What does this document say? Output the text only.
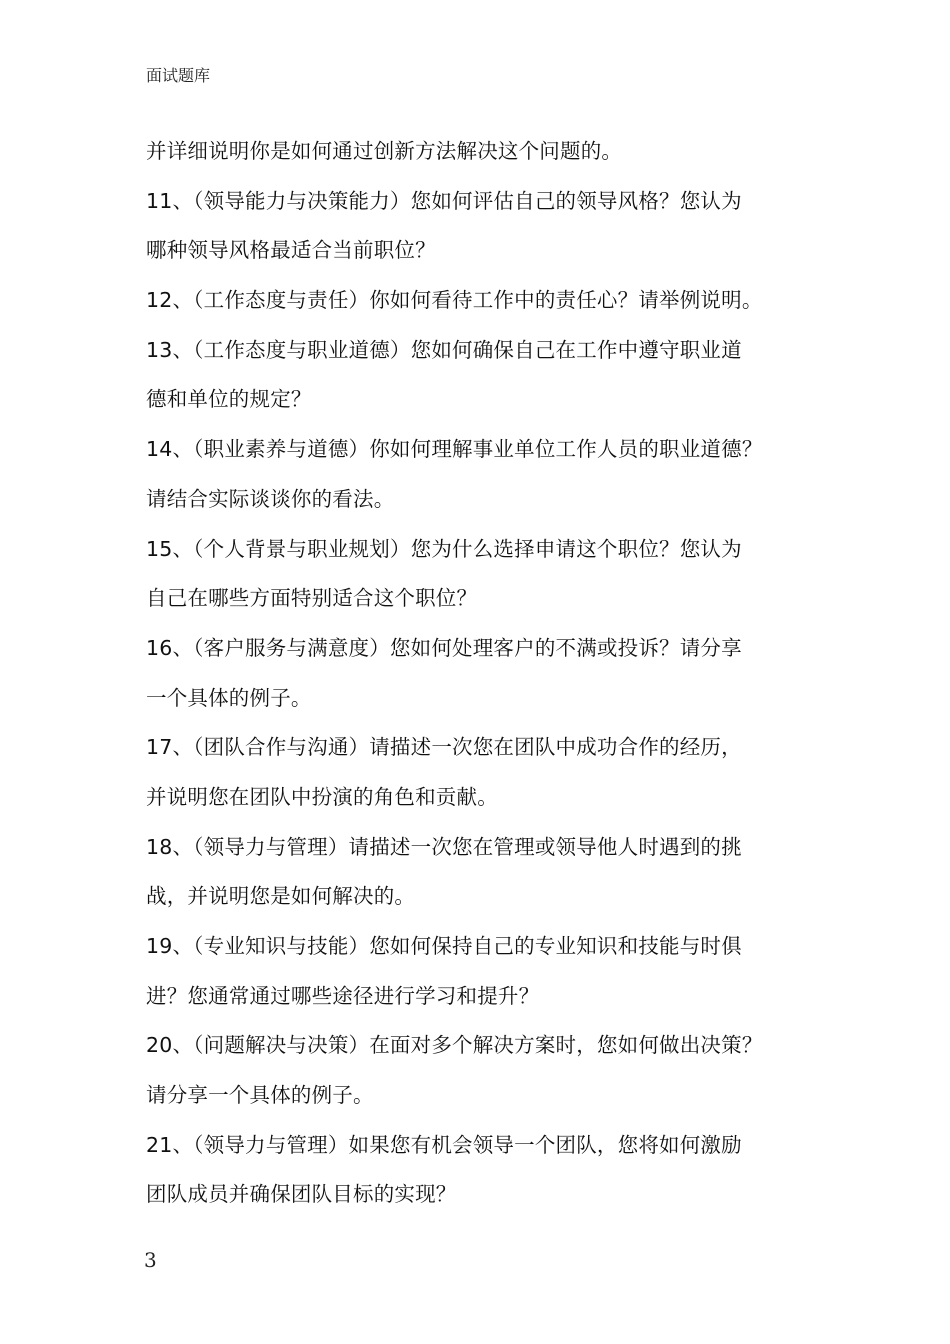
面试题库
并详细说明你是如何通过创新方法解决这个问题的。
11、（领导能力与决策能力）您如何评估自己的领导风格？您认为
哪种领导风格最适合当前职位？
12、（工作态度与责任）你如何看待工作中的责任心？请举例说明。
13、（工作态度与职业道德）您如何确保自己在工作中遵守职业道
德和单位的规定？
14、（职业素养与道德）你如何理解事业单位工作人员的职业道德？
请结合实际谈谈你的看法。
15、（个人背景与职业规划）您为什么选择申请这个职位？您认为
自己在哪些方面特别适合这个职位？
16、（客户服务与满意度）您如何处理客户的不满或投诉？请分享
一个具体的例子。
17、（团队合作与沟通）请描述一次您在团队中成功合作的经历，
并说明您在团队中扮演的角色和贡献。
18、（领导力与管理）请描述一次您在管理或领导他人时遇到的挑
战，并说明您是如何解决的。
19、（专业知识与技能）您如何保持自己的专业知识和技能与时俱
进？您通常通过哪些途径进行学习和提升？
20、（问题解决与决策）在面对多个解决方案时，您如何做出决策？
请分享一个具体的例子。
21、（领导力与管理）如果您有机会领导一个团队，您将如何激励
团队成员并确保团队目标的实现？
3
